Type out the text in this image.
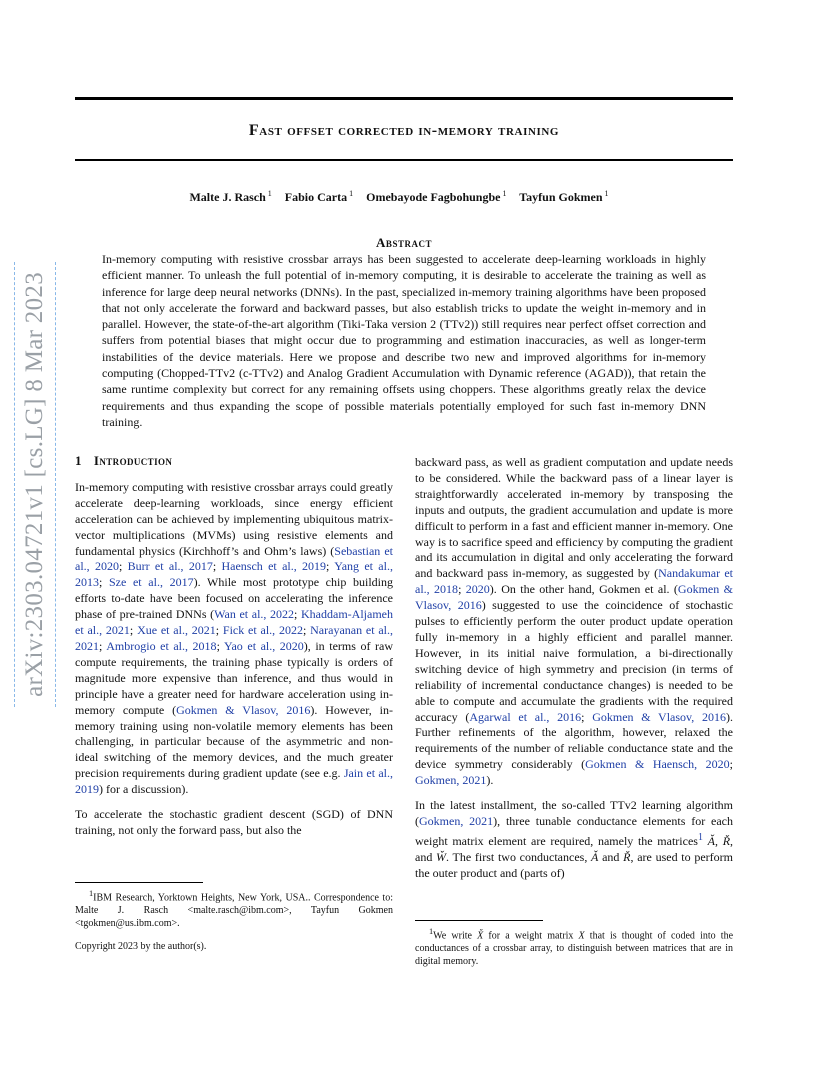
arXiv:2303.04721v1 [cs.LG] 8 Mar 2023
Fast offset corrected in-memory training
Malte J. Rasch $^1$ Fabio Carta $^1$ Omebayode Fagbohungbe $^1$ Tayfun Gokmen $^1$
Abstract

In-memory computing with resistive crossbar arrays has been suggested to accelerate deep-learning workloads in highly efficient manner. To unleash the full potential of in-memory computing, it is desirable to accelerate the training as well as inference for large deep neural networks (DNNs). In the past, specialized in-memory training algorithms have been proposed that not only accelerate the forward and backward passes, but also establish tricks to update the weight in-memory and in parallel. However, the state-of-the-art algorithm (Tiki-Taka version 2 (TTv2)) still requires near perfect offset correction and suffers from potential biases that might occur due to programming and estimation inaccuracies, as well as longer-term instabilities of the device materials. Here we propose and describe two new and improved algorithms for in-memory computing (Chopped-TTv2 (c-TTv2) and Analog Gradient Accumulation with Dynamic reference (AGAD)), that retain the same runtime complexity but correct for any remaining offsets using choppers. These algorithms greatly relax the device requirements and thus expanding the scope of possible materials potentially employed for such fast in-memory DNN training.

1 Introduction

In-memory computing with resistive crossbar arrays could greatly accelerate deep-learning workloads, since energy efficient acceleration can be achieved by implementing ubiquitous matrix-vector multiplications (MVMs) using resistive elements and fundamental physics (Kirchhoff’s and Ohm’s laws) (Sebastian et al., 2020; Burr et al., 2017; Haensch et al., 2019; Yang et al., 2013; Sze et al., 2017). While most prototype chip building efforts to-date have been focused on accelerating the inference phase of pre-trained DNNs (Wan et al., 2022; Khaddam-Aljameh et al., 2021; Xue et al., 2021; Fick et al., 2022; Narayanan et al., 2021; Ambrogio et al., 2018; Yao et al., 2020), in terms of raw compute requirements, the training phase typically is orders of magnitude more expensive than inference, and thus would in principle have a greater need for hardware acceleration using in-memory compute (Gokmen & Vlasov, 2016). However, in-memory training using non-volatile memory elements has been challenging, in particular because of the asymmetric and non-ideal switching of the memory devices, and the much greater precision requirements during gradient update (see e.g. Jain et al., 2019) for a discussion).

To accelerate the stochastic gradient descent (SGD) of DNN training, not only the forward pass, but also the

$^1$IBM Research, Yorktown Heights, New York, USA.. Correspondence to: Malte J. Rasch <malte.rasch@ibm.com>, Tayfun Gokmen <tgokmen@us.ibm.com>.

Copyright 2023 by the author(s).

backward pass, as well as gradient computation and update needs to be considered. While the backward pass of a linear layer is straightforwardly accelerated in-memory by transposing the inputs and outputs, the gradient accumulation and update is more difficult to perform in a fast and efficient manner in-memory. One way is to sacrifice speed and efficiency by computing the gradient and its accumulation in digital and only accelerating the forward and backward pass in-memory, as suggested by (Nandakumar et al., 2018; 2020). On the other hand, Gokmen et al. (Gokmen & Vlasov, 2016) suggested to use the coincidence of stochastic pulses to efficiently perform the outer product update operation fully in-memory in a highly efficient and parallel manner. However, in its initial naive formulation, a bi-directionally switching device of high symmetry and precision (in terms of reliability of incremental conductance changes) is needed to be able to compute and accumulate the gradients with the required accuracy (Agarwal et al., 2016; Gokmen & Vlasov, 2016). Further refinements of the algorithm, however, relaxed the requirements of the number of reliable conductance state and the device symmetry considerably (Gokmen & Haensch, 2020; Gokmen, 2021).

In the latest installment, the so-called TTv2 learning algorithm (Gokmen, 2021), three tunable conductance elements for each weight matrix element are required, namely the matrices$^1$ Ǎ, Ř, and W̌. The first two conductances, Ǎ and Ř, are used to perform the outer product and (parts of)

$^1$We write X̌ for a weight matrix X that is thought of coded into the conductances of a crossbar array, to distinguish between matrices that are in digital memory.
